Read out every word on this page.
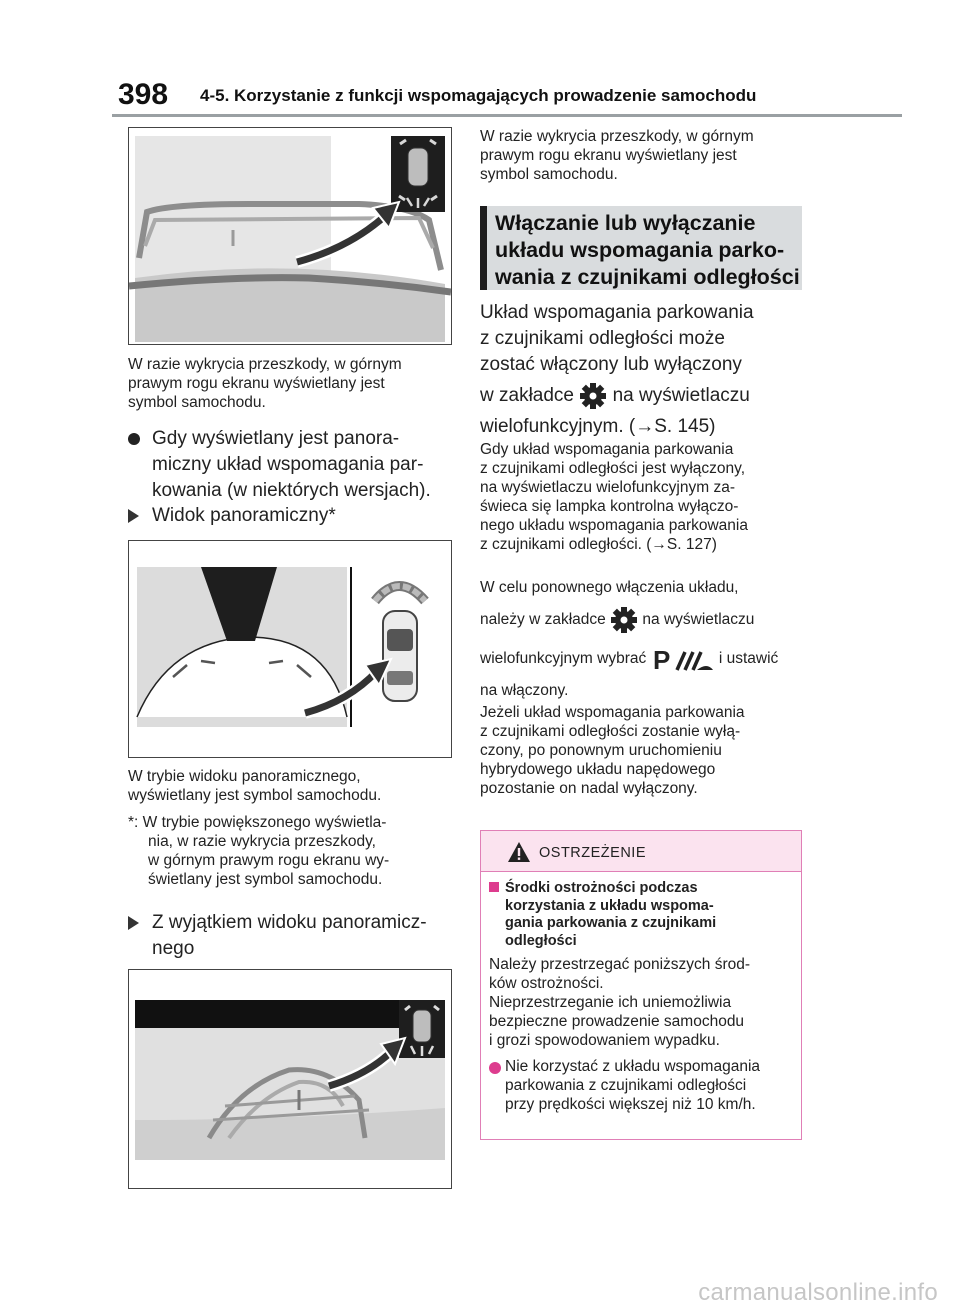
398 4-5. Korzystanie z funkcji wspomagających prowadzenie samochodu
W razie wykrycia przeszkody, w górnym
prawym rogu ekranu wyświetlany jest
symbol samochodu.
Gdy wyświetlany jest panora-
miczny układ wspomagania par-
kowania (w niektórych wersjach).
Widok panoramiczny*
W trybie widoku panoramicznego,
wyświetlany jest symbol samochodu.
*: W trybie powiększonego wyświetla-
nia, w razie wykrycia przeszkody,
w górnym prawym rogu ekranu wy-
świetlany jest symbol samochodu.
Z wyjątkiem widoku panoramicz-
nego
W razie wykrycia przeszkody, w górnym
prawym rogu ekranu wyświetlany jest
symbol samochodu.
Włączanie lub wyłączanie
układu wspomagania parko-
wania z czujnikami odległości
Układ wspomagania parkowania
z czujnikami odległości może
zostać włączony lub wyłączony
w zakładce na wyświetlaczu
wielofunkcyjnym. (→S. 145)
Gdy układ wspomagania parkowania
z czujnikami odległości jest wyłączony,
na wyświetlaczu wielofunkcyjnym za-
świeca się lampka kontrolna wyłączo-
nego układu wspomagania parkowania
z czujnikami odległości. (→S. 127)
W celu ponownego włączenia układu,
należy w zakładce na wyświetlaczu
wielofunkcyjnym wybrać P	i ustawić
na włączony.
Jeżeli układ wspomagania parkowania
z czujnikami odległości zostanie wyłą-
czony, po ponownym uruchomieniu
hybrydowego układu napędowego
pozostanie on nadal wyłączony.
OSTRZEŻENIE
Środki ostrożności podczas
korzystania z układu wspoma-
gania parkowania z czujnikami
odległości
Należy przestrzegać poniższych środ-
ków ostrożności.
Nieprzestrzeganie ich uniemożliwia
bezpieczne prowadzenie samochodu
i grozi spowodowaniem wypadku.
Nie korzystać z układu wspomagania
parkowania z czujnikami odległości
przy prędkości większej niż 10 km/h.
carmanualsonline.info
